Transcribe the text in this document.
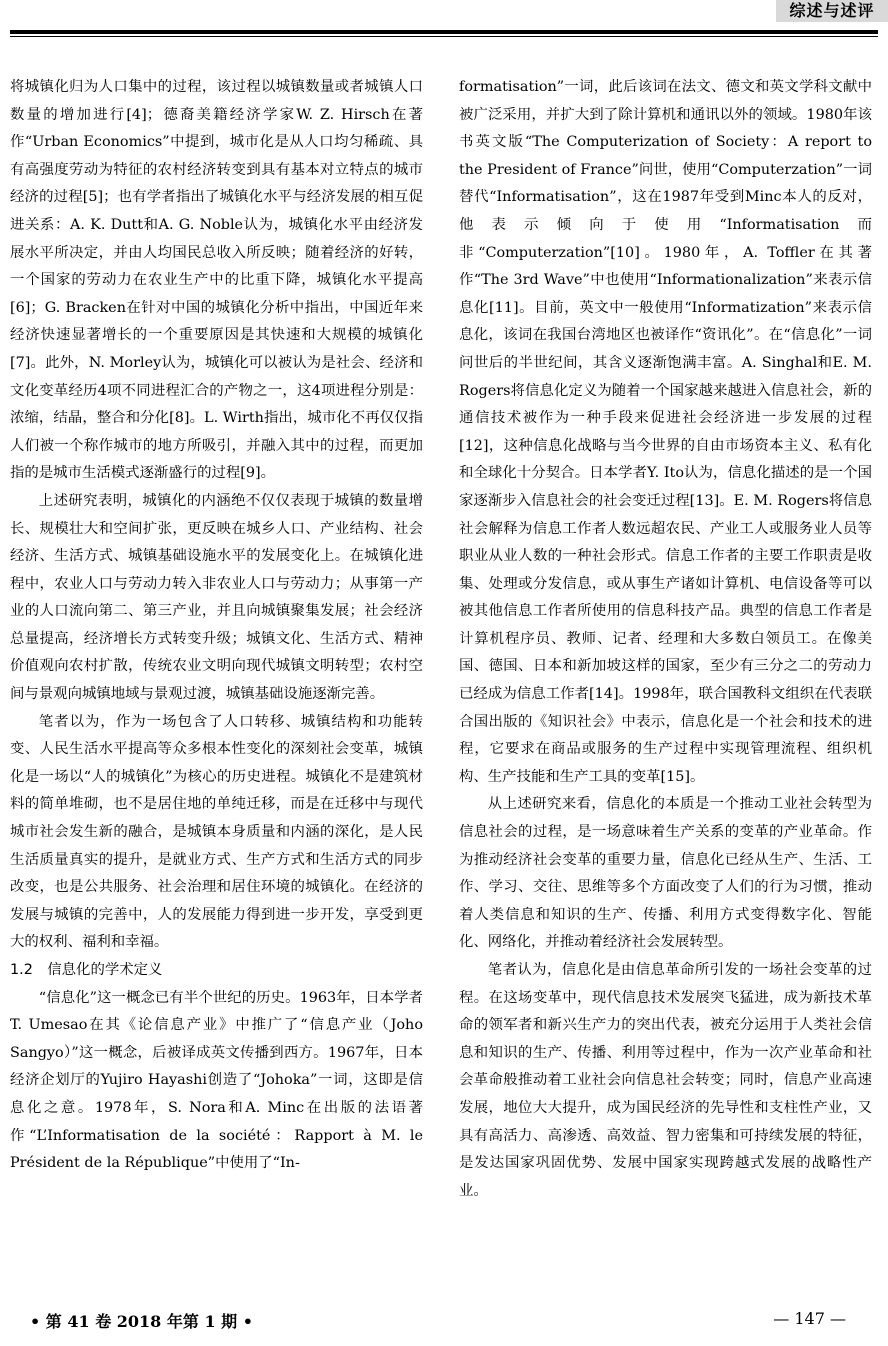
综述与述评

将城镇化归为人口集中的过程，该过程以城镇数量或者城镇人口数量的增加进行[4]；德裔美籍经济学家W. Z. Hirsch在著作“Urban Economics”中提到，城市化是从人口均匀稀疏、具有高强度劳动为特征的农村经济转变到具有基本对立特点的城市经济的过程[5]；也有学者指出了城镇化水平与经济发展的相互促进关系：A. K. Dutt和A. G. Noble认为，城镇化水平由经济发展水平所决定，并由人均国民总收入所反映；随着经济的好转，一个国家的劳动力在农业生产中的比重下降，城镇化水平提高[6]；G. Bracken在针对中国的城镇化分析中指出，中国近年来经济快速显著增长的一个重要原因是其快速和大规模的城镇化[7]。此外，N. Morley认为，城镇化可以被认为是社会、经济和文化变革经历4项不同进程汇合的产物之一，这4项进程分别是：浓缩，结晶，整合和分化[8]。L. Wirth指出，城市化不再仅仅指人们被一个称作城市的地方所吸引，并融入其中的过程，而更加指的是城市生活模式逐渐盛行的过程[9]。

上述研究表明，城镇化的内涵绝不仅仅表现于城镇的数量增长、规模壮大和空间扩张，更反映在城乡人口、产业结构、社会经济、生活方式、城镇基础设施水平的发展变化上。在城镇化进程中，农业人口与劳动力转入非农业人口与劳动力；从事第一产业的人口流向第二、第三产业，并且向城镇聚集发展；社会经济总量提高，经济增长方式转变升级；城镇文化、生活方式、精神价值观向农村扩散，传统农业文明向现代城镇文明转型；农村空间与景观向城镇地域与景观过渡，城镇基础设施逐渐完善。

笔者以为，作为一场包含了人口转移、城镇结构和功能转变、人民生活水平提高等众多根本性变化的深刻社会变革，城镇化是一场以“人的城镇化”为核心的历史进程。城镇化不是建筑材料的简单堆砌，也不是居住地的单纯迁移，而是在迁移中与现代城市社会发生新的融合，是城镇本身质量和内涵的深化，是人民生活质量真实的提升，是就业方式、生产方式和生活方式的同步改变，也是公共服务、社会治理和居住环境的城镇化。在经济的发展与城镇的完善中，人的发展能力得到进一步开发，享受到更大的权利、福利和幸福。

1.2　信息化的学术定义

“信息化”这一概念已有半个世纪的历史。1963年，日本学者T. Umesao在其《论信息产业》中推广了“信息产业（Joho Sangyo）”这一概念，后被译成英文传播到西方。1967年，日本经济企划厅的Yujiro Hayashi创造了“Johoka”一词，这即是信息化之意。1978年，S. Nora和A. Minc在出版的法语著作“L’Informatisation de la société：Rapport à M. le Président de la République”中使用了“In-

formatisation”一词，此后该词在法文、德文和英文学科文献中被广泛采用，并扩大到了除计算机和通讯以外的领域。1980年该书英文版“The Computerization of Society：A report to the President of France”问世，使用“Computerzation”一词替代“Informatisation”，这在1987年受到Minc本人的反对，他表示倾向于使用“Informatisation而非“Computerzation”[10]。1980年，A. Toffler在其著作“The 3rd Wave”中也使用“Informationalization”来表示信息化[11]。目前，英文中一般使用“Informatization”来表示信息化，该词在我国台湾地区也被译作“资讯化”。在“信息化”一词问世后的半世纪间，其含义逐渐饱满丰富。A. Singhal和E. M. Rogers将信息化定义为随着一个国家越来越进入信息社会，新的通信技术被作为一种手段来促进社会经济进一步发展的过程[12]，这种信息化战略与当今世界的自由市场资本主义、私有化和全球化十分契合。日本学者Y. Ito认为，信息化描述的是一个国家逐渐步入信息社会的社会变迁过程[13]。E. M. Rogers将信息社会解释为信息工作者人数远超农民、产业工人或服务业人员等职业从业人数的一种社会形式。信息工作者的主要工作职责是收集、处理或分发信息，或从事生产诸如计算机、电信设备等可以被其他信息工作者所使用的信息科技产品。典型的信息工作者是计算机程序员、教师、记者、经理和大多数白领员工。在像美国、德国、日本和新加坡这样的国家，至少有三分之二的劳动力已经成为信息工作者[14]。1998年，联合国教科文组织在代表联合国出版的《知识社会》中表示，信息化是一个社会和技术的进程，它要求在商品或服务的生产过程中实现管理流程、组织机构、生产技能和生产工具的变革[15]。

从上述研究来看，信息化的本质是一个推动工业社会转型为信息社会的过程，是一场意味着生产关系的变革的产业革命。作为推动经济社会变革的重要力量，信息化已经从生产、生活、工作、学习、交往、思维等多个方面改变了人们的行为习惯，推动着人类信息和知识的生产、传播、利用方式变得数字化、智能化、网络化，并推动着经济社会发展转型。

笔者认为，信息化是由信息革命所引发的一场社会变革的过程。在这场变革中，现代信息技术发展突飞猛进，成为新技术革命的领军者和新兴生产力的突出代表，被充分运用于人类社会信息和知识的生产、传播、利用等过程中，作为一次产业革命和社会革命般推动着工业社会向信息社会转变；同时，信息产业高速发展，地位大大提升，成为国民经济的先导性和支柱性产业，又具有高活力、高渗透、高效益、智力密集和可持续发展的特征，是发达国家巩固优势、发展中国家实现跨越式发展的战略性产业。

• 第 41 卷 2018 年第 1 期 •	— 147 —
